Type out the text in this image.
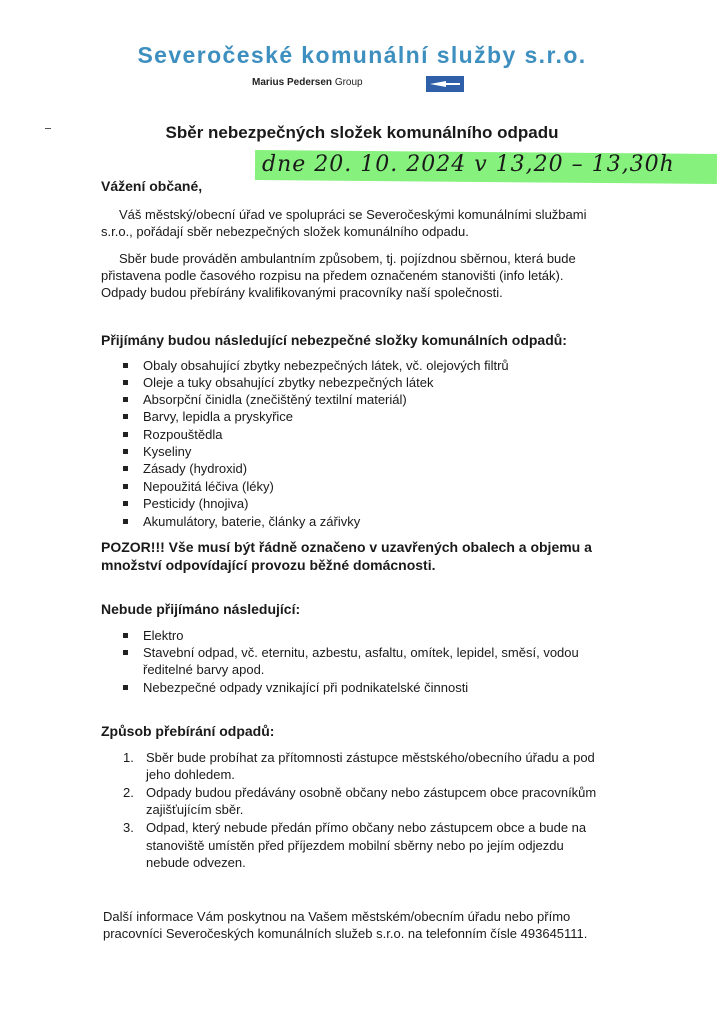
Severočeské komunální služby s.r.o.
Marius Pedersen Group
Sběr nebezpečných složek komunálního odpadu
dne 20. 10. 2024 v 13,20 – 13,30h
Vážení občané,
Váš městský/obecní úřad ve spolupráci se Severočeskými komunálními službami
s.r.o., pořádají sběr nebezpečných složek komunálního odpadu.
Sběr bude prováděn ambulantním způsobem, tj. pojízdnou sběrnou, která bude
přistavena podle časového rozpisu na předem označeném stanovišti (info leták).
Odpady budou přebírány kvalifikovanými pracovníky naší společnosti.
Přijímány budou následující nebezpečné složky komunálních odpadů:
Obaly obsahující zbytky nebezpečných látek, vč. olejových filtrů
Oleje a tuky obsahující zbytky nebezpečných látek
Absorpční činidla (znečištěný textilní materiál)
Barvy, lepidla a pryskyřice
Rozpouštědla
Kyseliny
Zásady (hydroxid)
Nepoužitá léčiva (léky)
Pesticidy (hnojiva)
Akumulátory, baterie, články a zářivky
POZOR!!! Vše musí být řádně označeno v uzavřených obalech a objemu a
množství odpovídající provozu běžné domácnosti.
Nebude přijímáno následující:
Elektro
Stavební odpad, vč. eternitu, azbestu, asfaltu, omítek, lepidel, směsí, vodou
ředitelné barvy apod.
Nebezpečné odpady vznikající při podnikatelské činnosti
Způsob přebírání odpadů:
1. Sběr bude probíhat za přítomnosti zástupce městského/obecního úřadu a pod
jeho dohledem.
2. Odpady budou předávány osobně občany nebo zástupcem obce pracovníkům
zajišťujícím sběr.
3. Odpad, který nebude předán přímo občany nebo zástupcem obce a bude na
stanoviště umístěn před příjezdem mobilní sběrny nebo po jejím odjezdu
nebude odvezen.
Další informace Vám poskytnou na Vašem městském/obecním úřadu nebo přímo
pracovníci Severočeských komunálních služeb s.r.o. na telefonním čísle 493645111.
